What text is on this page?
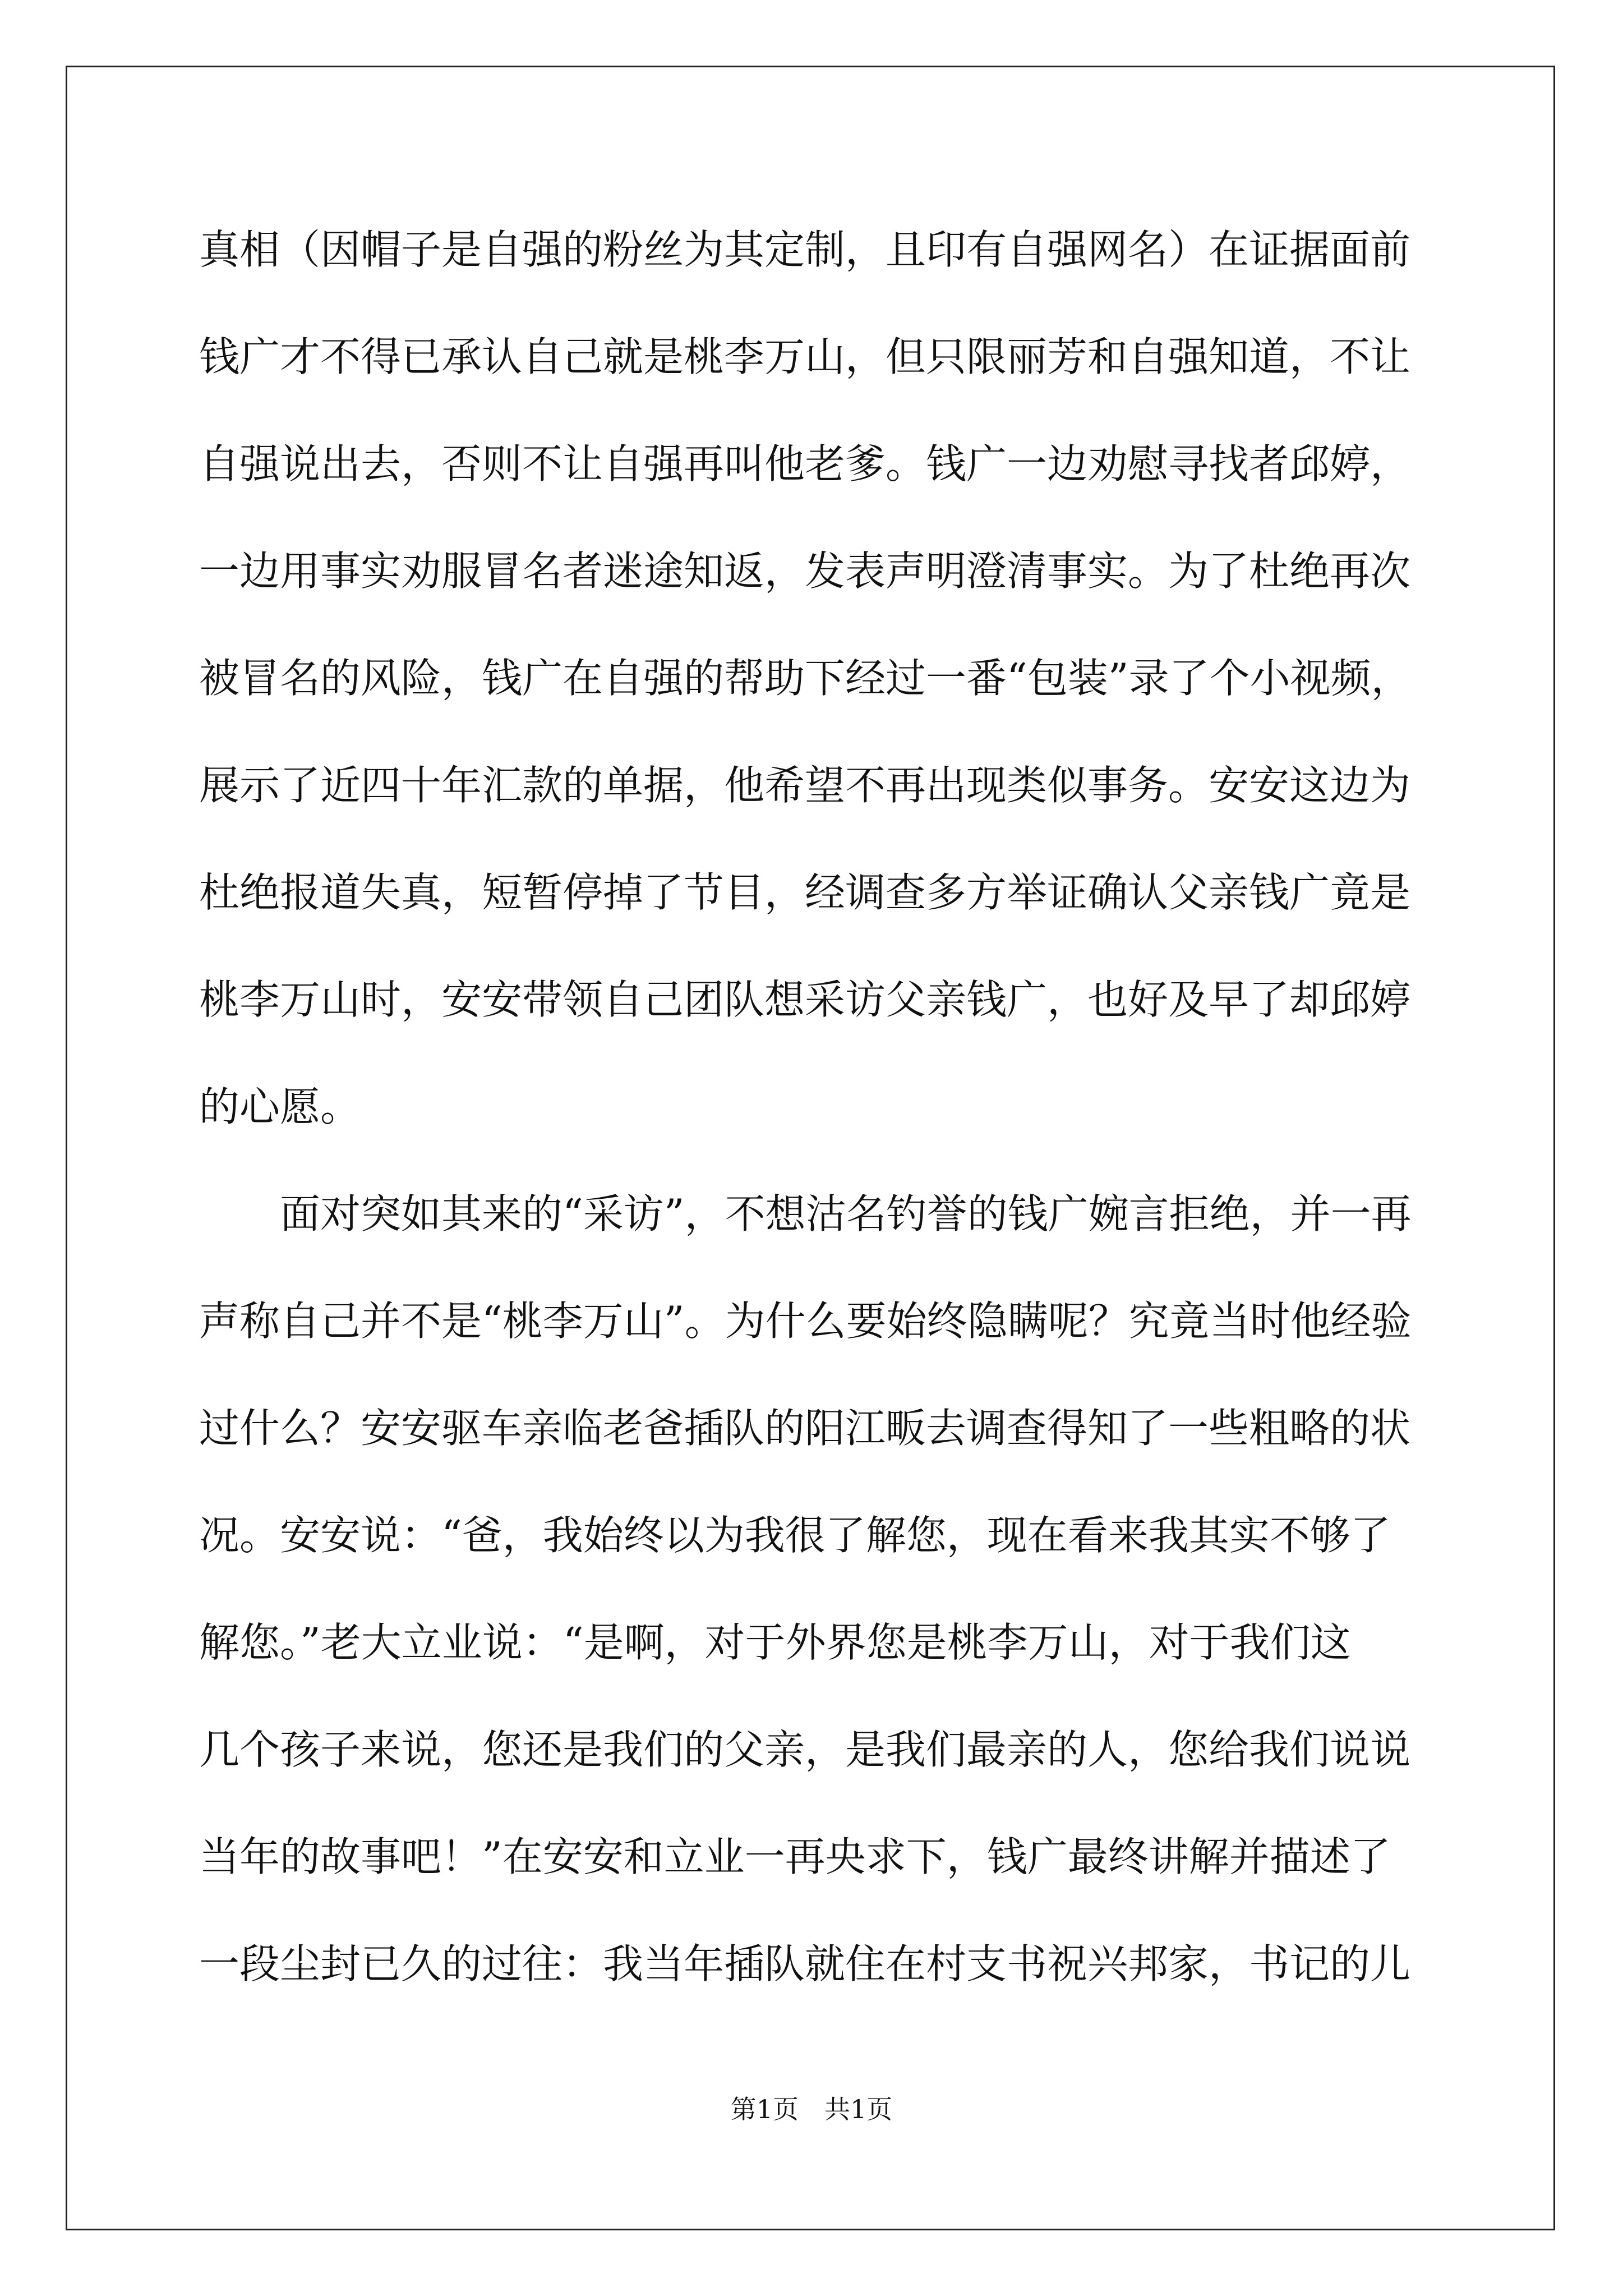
真相（因帽子是自强的粉丝为其定制，且印有自强网名）在证据面前
钱广才不得已承认自己就是桃李万山，但只限丽芳和自强知道，不让
自强说出去，否则不让自强再叫他老爹。钱广一边劝慰寻找者邱婷，
一边用事实劝服冒名者迷途知返，发表声明澄清事实。为了杜绝再次
被冒名的风险，钱广在自强的帮助下经过一番“包装”录了个小视频，
展示了近四十年汇款的单据，他希望不再出现类似事务。安安这边为
杜绝报道失真，短暂停掉了节目，经调查多方举证确认父亲钱广竟是
桃李万山时，安安带领自己团队想采访父亲钱广，也好及早了却邱婷
的心愿。
　　面对突如其来的“采访”，不想沽名钓誉的钱广婉言拒绝，并一再
声称自己并不是“桃李万山”。为什么要始终隐瞒呢？究竟当时他经验
过什么？安安驱车亲临老爸插队的阳江畈去调查得知了一些粗略的状
况。安安说：“爸，我始终以为我很了解您，现在看来我其实不够了
解您。”老大立业说：“是啊，对于外界您是桃李万山，对于我们这
几个孩子来说，您还是我们的父亲，是我们最亲的人，您给我们说说
当年的故事吧！”在安安和立业一再央求下，钱广最终讲解并描述了
一段尘封已久的过往：我当年插队就住在村支书祝兴邦家，书记的儿
第1页 共1页
